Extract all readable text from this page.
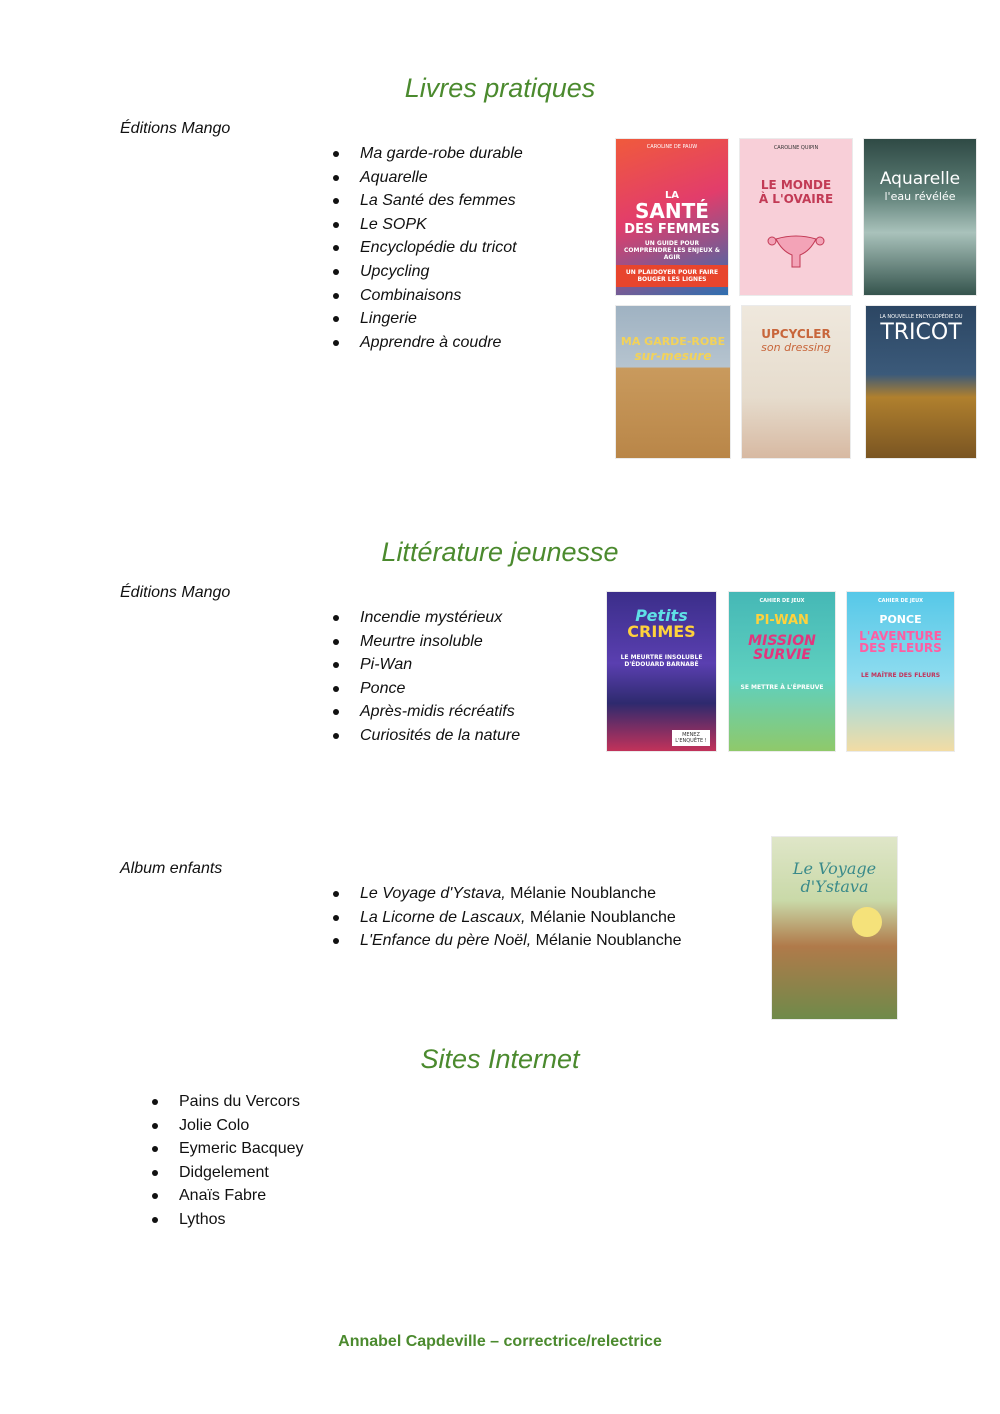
Livres pratiques
Éditions Mango
Ma garde-robe durable
Aquarelle
La Santé des femmes
Le SOPK
Encyclopédie du tricot
Upcycling
Combinaisons
Lingerie
Apprendre à coudre
CAROLINE DE PAUW
LA
SANTÉ
DES FEMMES
UN GUIDE POUR COMPRENDRE LES ENJEUX & AGIR
UN PLAIDOYER POUR FAIRE BOUGER LES LIGNES
CAROLINE QUIPIN
LE MONDE
À L'OVAIRE
Aquarelle
l'eau révélée
MA GARDE-ROBE
sur-mesure
UPCYCLER
son dressing
LA NOUVELLE ENCYCLOPÉDIE DU
TRICOT
Littérature jeunesse
Éditions Mango
Incendie mystérieux
Meurtre insoluble
Pi-Wan
Ponce
Après-midis récréatifs
Curiosités de la nature
Petits
CRIMES
LE MEURTRE INSOLUBLE D'ÉDOUARD BARNABÉ
MENEZ L'ENQUÊTE !
CAHIER DE JEUX
PI-WAN
MISSION SURVIE
SE METTRE À L'ÉPREUVE
CAHIER DE JEUX
PONCE
L'AVENTURE DES FLEURS
LE MAÎTRE DES FLEURS
Album enfants
Le Voyage d'Ystava, Mélanie Noublanche
La Licorne de Lascaux, Mélanie Noublanche
L'Enfance du père Noël, Mélanie Noublanche
Le Voyage
d'Ystava
Sites Internet
Pains du Vercors
Jolie Colo
Eymeric Bacquey
Didgelement
Anaïs Fabre
Lythos
Annabel Capdeville – correctrice/relectrice
